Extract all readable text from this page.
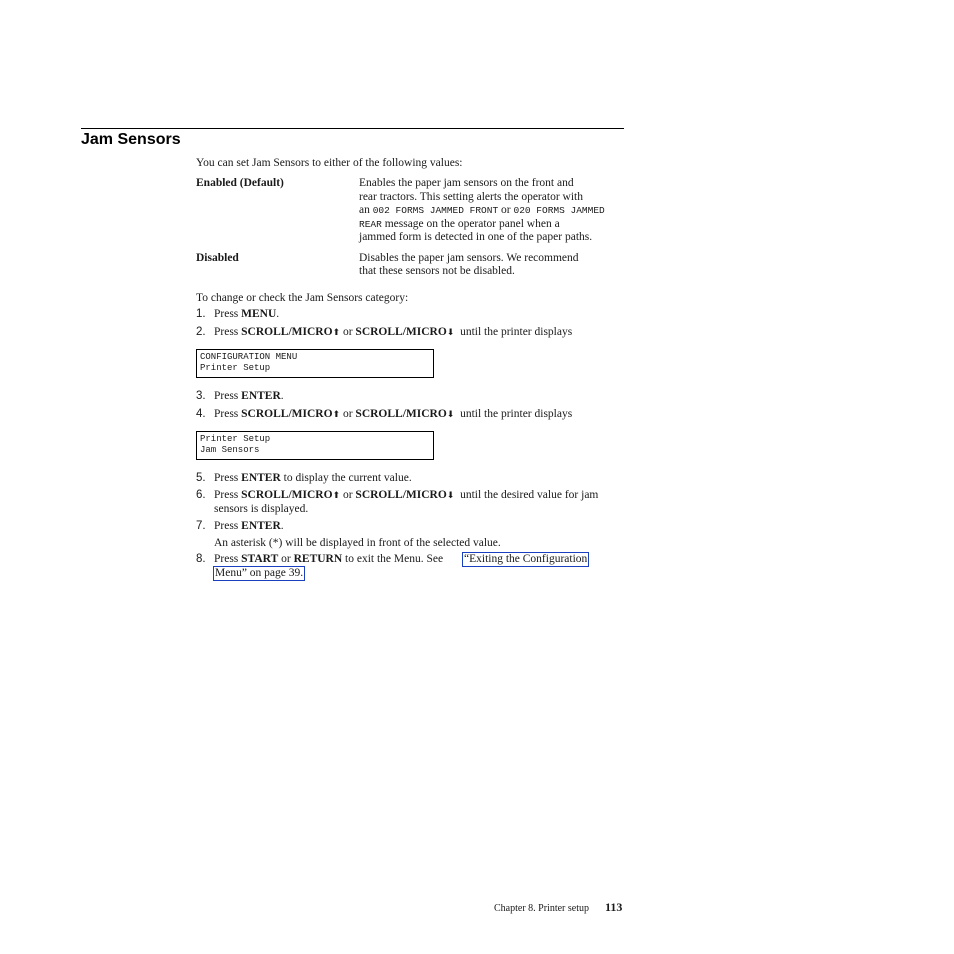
Jam Sensors
You can set Jam Sensors to either of the following values:
Enabled (Default)	Enables the paper jam sensors on the front and
rear tractors. This setting alerts the operator with
an 002 FORMS JAMMED FRONT or 020 FORMS JAMMED
REAR message on the operator panel when a
jammed form is detected in one of the paper paths.
Disabled	Disables the paper jam sensors. We recommend
that these sensors not be disabled.
To change or check the Jam Sensors category:
1. Press MENU.
2. Press SCROLL/MICRO⬆ or SCROLL/MICRO⬇ until the printer displays
CONFIGURATION MENU
Printer Setup
3. Press ENTER.
4. Press SCROLL/MICRO⬆ or SCROLL/MICRO⬇ until the printer displays
Printer Setup
Jam Sensors
5. Press ENTER to display the current value.
6. Press SCROLL/MICRO⬆ or SCROLL/MICRO⬇ until the desired value for jam
sensors is displayed.
7. Press ENTER.
An asterisk (*) will be displayed in front of the selected value.
8. Press START or RETURN to exit the Menu. See “Exiting the Configuration
Menu” on page 39.
Chapter 8. Printer setup 113
